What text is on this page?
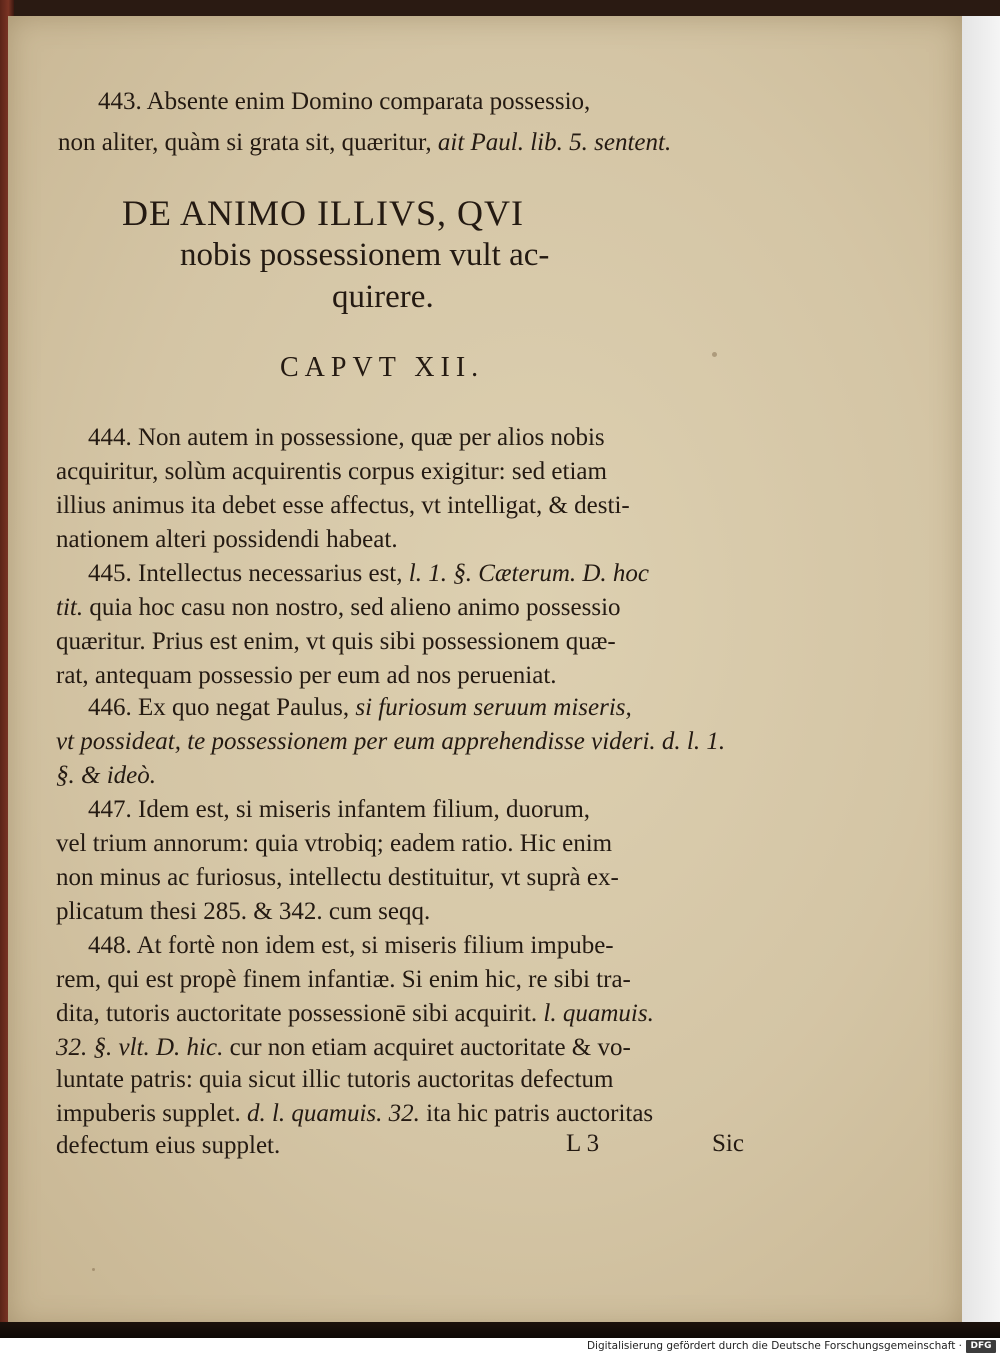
443. Absente enim Domino comparata possessio,
non aliter, quàm si grata sit, quæritur, ait Paul. lib. 5. sentent.
DE ANIMO ILLIVS, QVI
nobis possessionem vult ac-
quirere.
CAPVT XII.
444. Non autem in possessione, quæ per alios nobis
acquiritur, solùm acquirentis corpus exigitur: sed etiam
illius animus ita debet esse affectus, vt intelligat, & desti-
nationem alteri possidendi habeat.
445. Intellectus necessarius est, l. 1. §. Cæterum. D. hoc
tit. quia hoc casu non nostro, sed alieno animo possessio
quæritur. Prius est enim, vt quis sibi possessionem quæ-
rat, antequam possessio per eum ad nos perueniat.
446. Ex quo negat Paulus, si furiosum seruum miseris,
vt possideat, te possessionem per eum apprehendisse videri. d. l. 1.
§. & ideò.
447. Idem est, si miseris infantem filium, duorum,
vel trium annorum: quia vtrobiq; eadem ratio. Hic enim
non minus ac furiosus, intellectu destituitur, vt suprà ex-
plicatum thesi 285. & 342. cum seqq.
448. At fortè non idem est, si miseris filium impube-
rem, qui est propè finem infantiæ. Si enim hic, re sibi tra-
dita, tutoris auctoritate possessionē sibi acquirit. l. quamuis.
32. §. vlt. D. hic. cur non etiam acquiret auctoritate & vo-
luntate patris: quia sicut illic tutoris auctoritas defectum
impuberis supplet. d. l. quamuis. 32. ita hic patris auctoritas
defectum eius supplet.	L 3	Sic
Digitalisierung gefördert durch die Deutsche Forschungsgemeinschaft · DFG
